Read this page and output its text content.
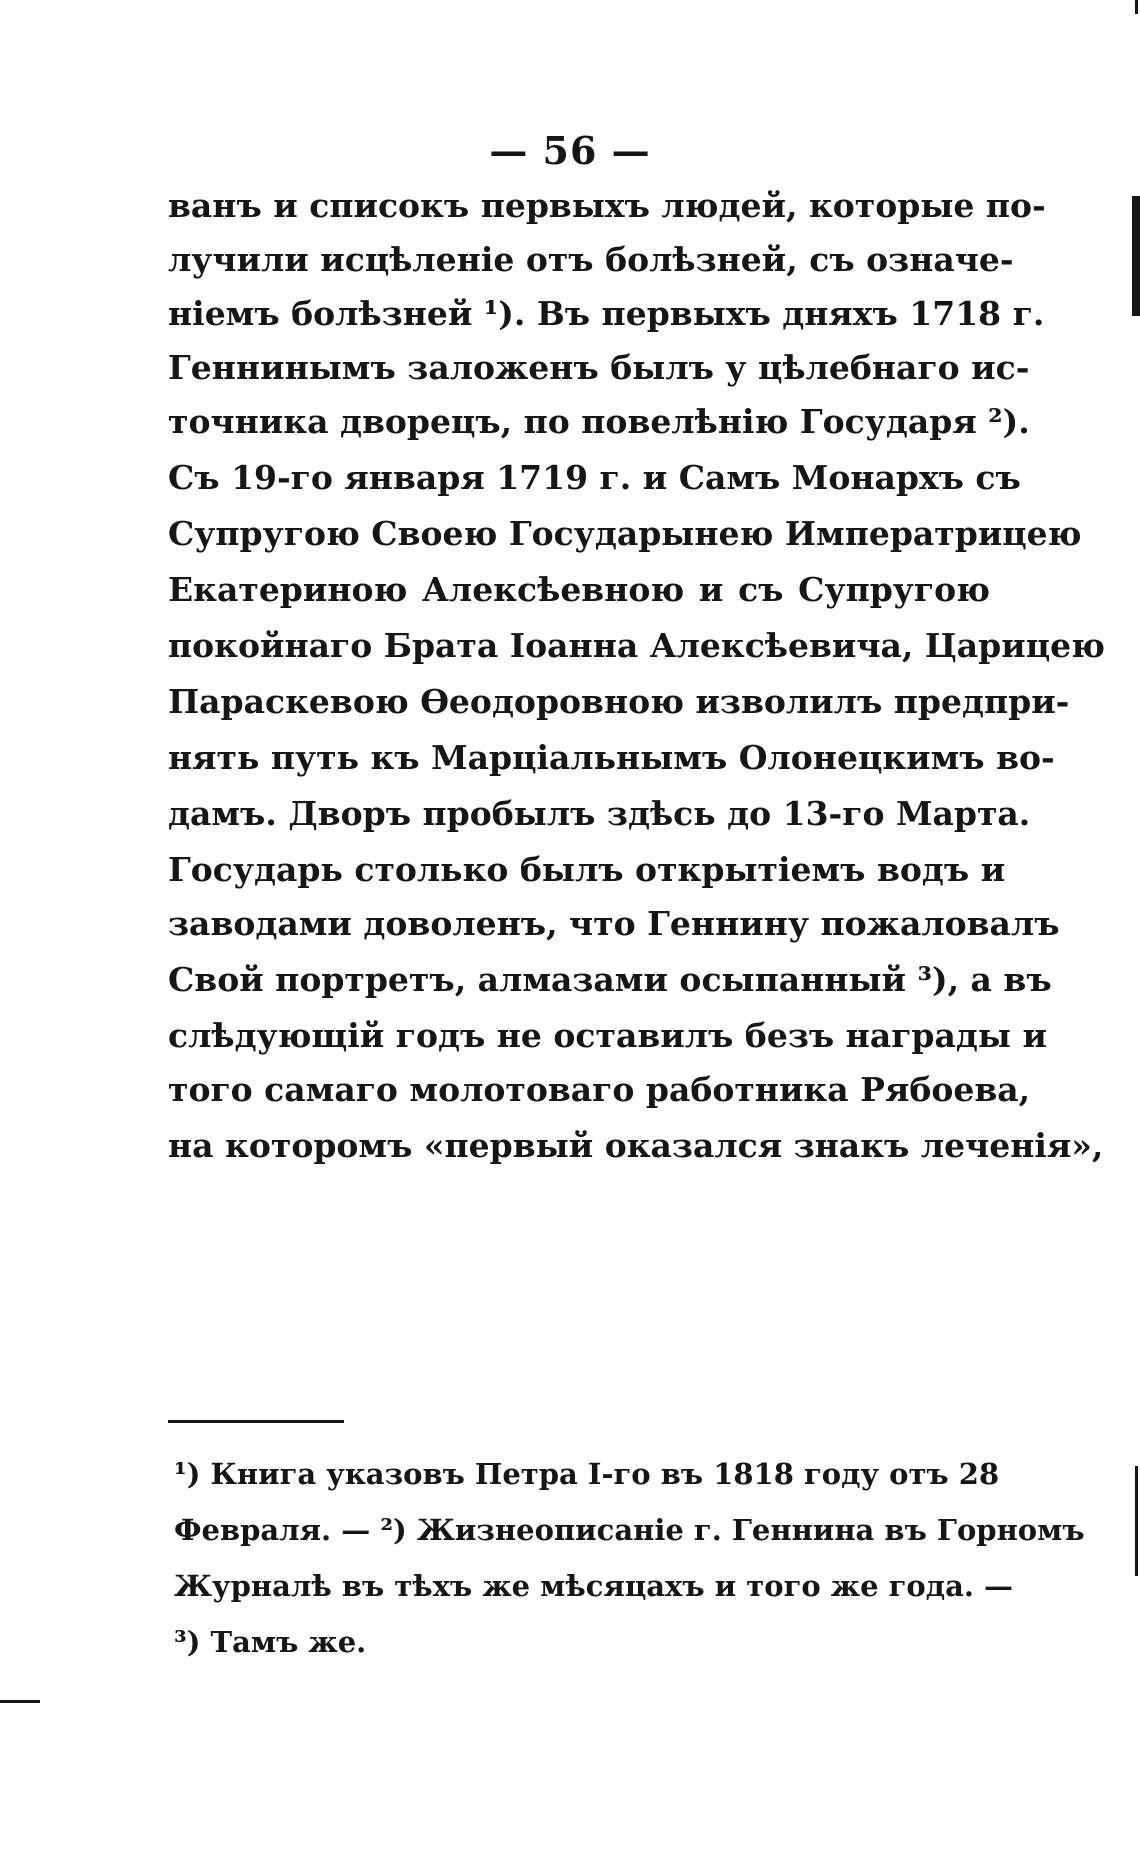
— 56 —
ванъ и списокъ первыхъ людей, которые по-
лучили исцѣленіе отъ болѣзней, съ означе-
ніемъ болѣзней ¹). Въ первыхъ дняхъ 1718 г.
Геннинымъ заложенъ былъ у цѣлебнаго ис-
точника дворецъ, по повелѣнію Государя ²).
Съ 19-го января 1719 г. и Самъ Монархъ съ
Супругою Своею Государынею Императрицею
Екатериною Алексѣевною и съ Супругою
покойнаго Брата Іоанна Алексѣевича, Царицею
Параскевою Ѳеодоровною изволилъ предпри-
нять путь къ Марціальнымъ Олонецкимъ во-
дамъ. Дворъ пробылъ здѣсь до 13-го Марта.
Государь столько былъ открытіемъ водъ и
заводами доволенъ, что Геннину пожаловалъ
Свой портретъ, алмазами осыпанный ³), а въ
слѣдующій годъ не оставилъ безъ награды и
того самаго молотоваго работника Рябоева,
на которомъ «первый оказался знакъ леченія»,
¹) Книга указовъ Петра І-го въ 1818 году отъ 28
Февраля. — ²) Жизнеописаніе г. Геннина въ Горномъ
Журналѣ въ тѣхъ же мѣсяцахъ и того же года. —
³) Тамъ же.
